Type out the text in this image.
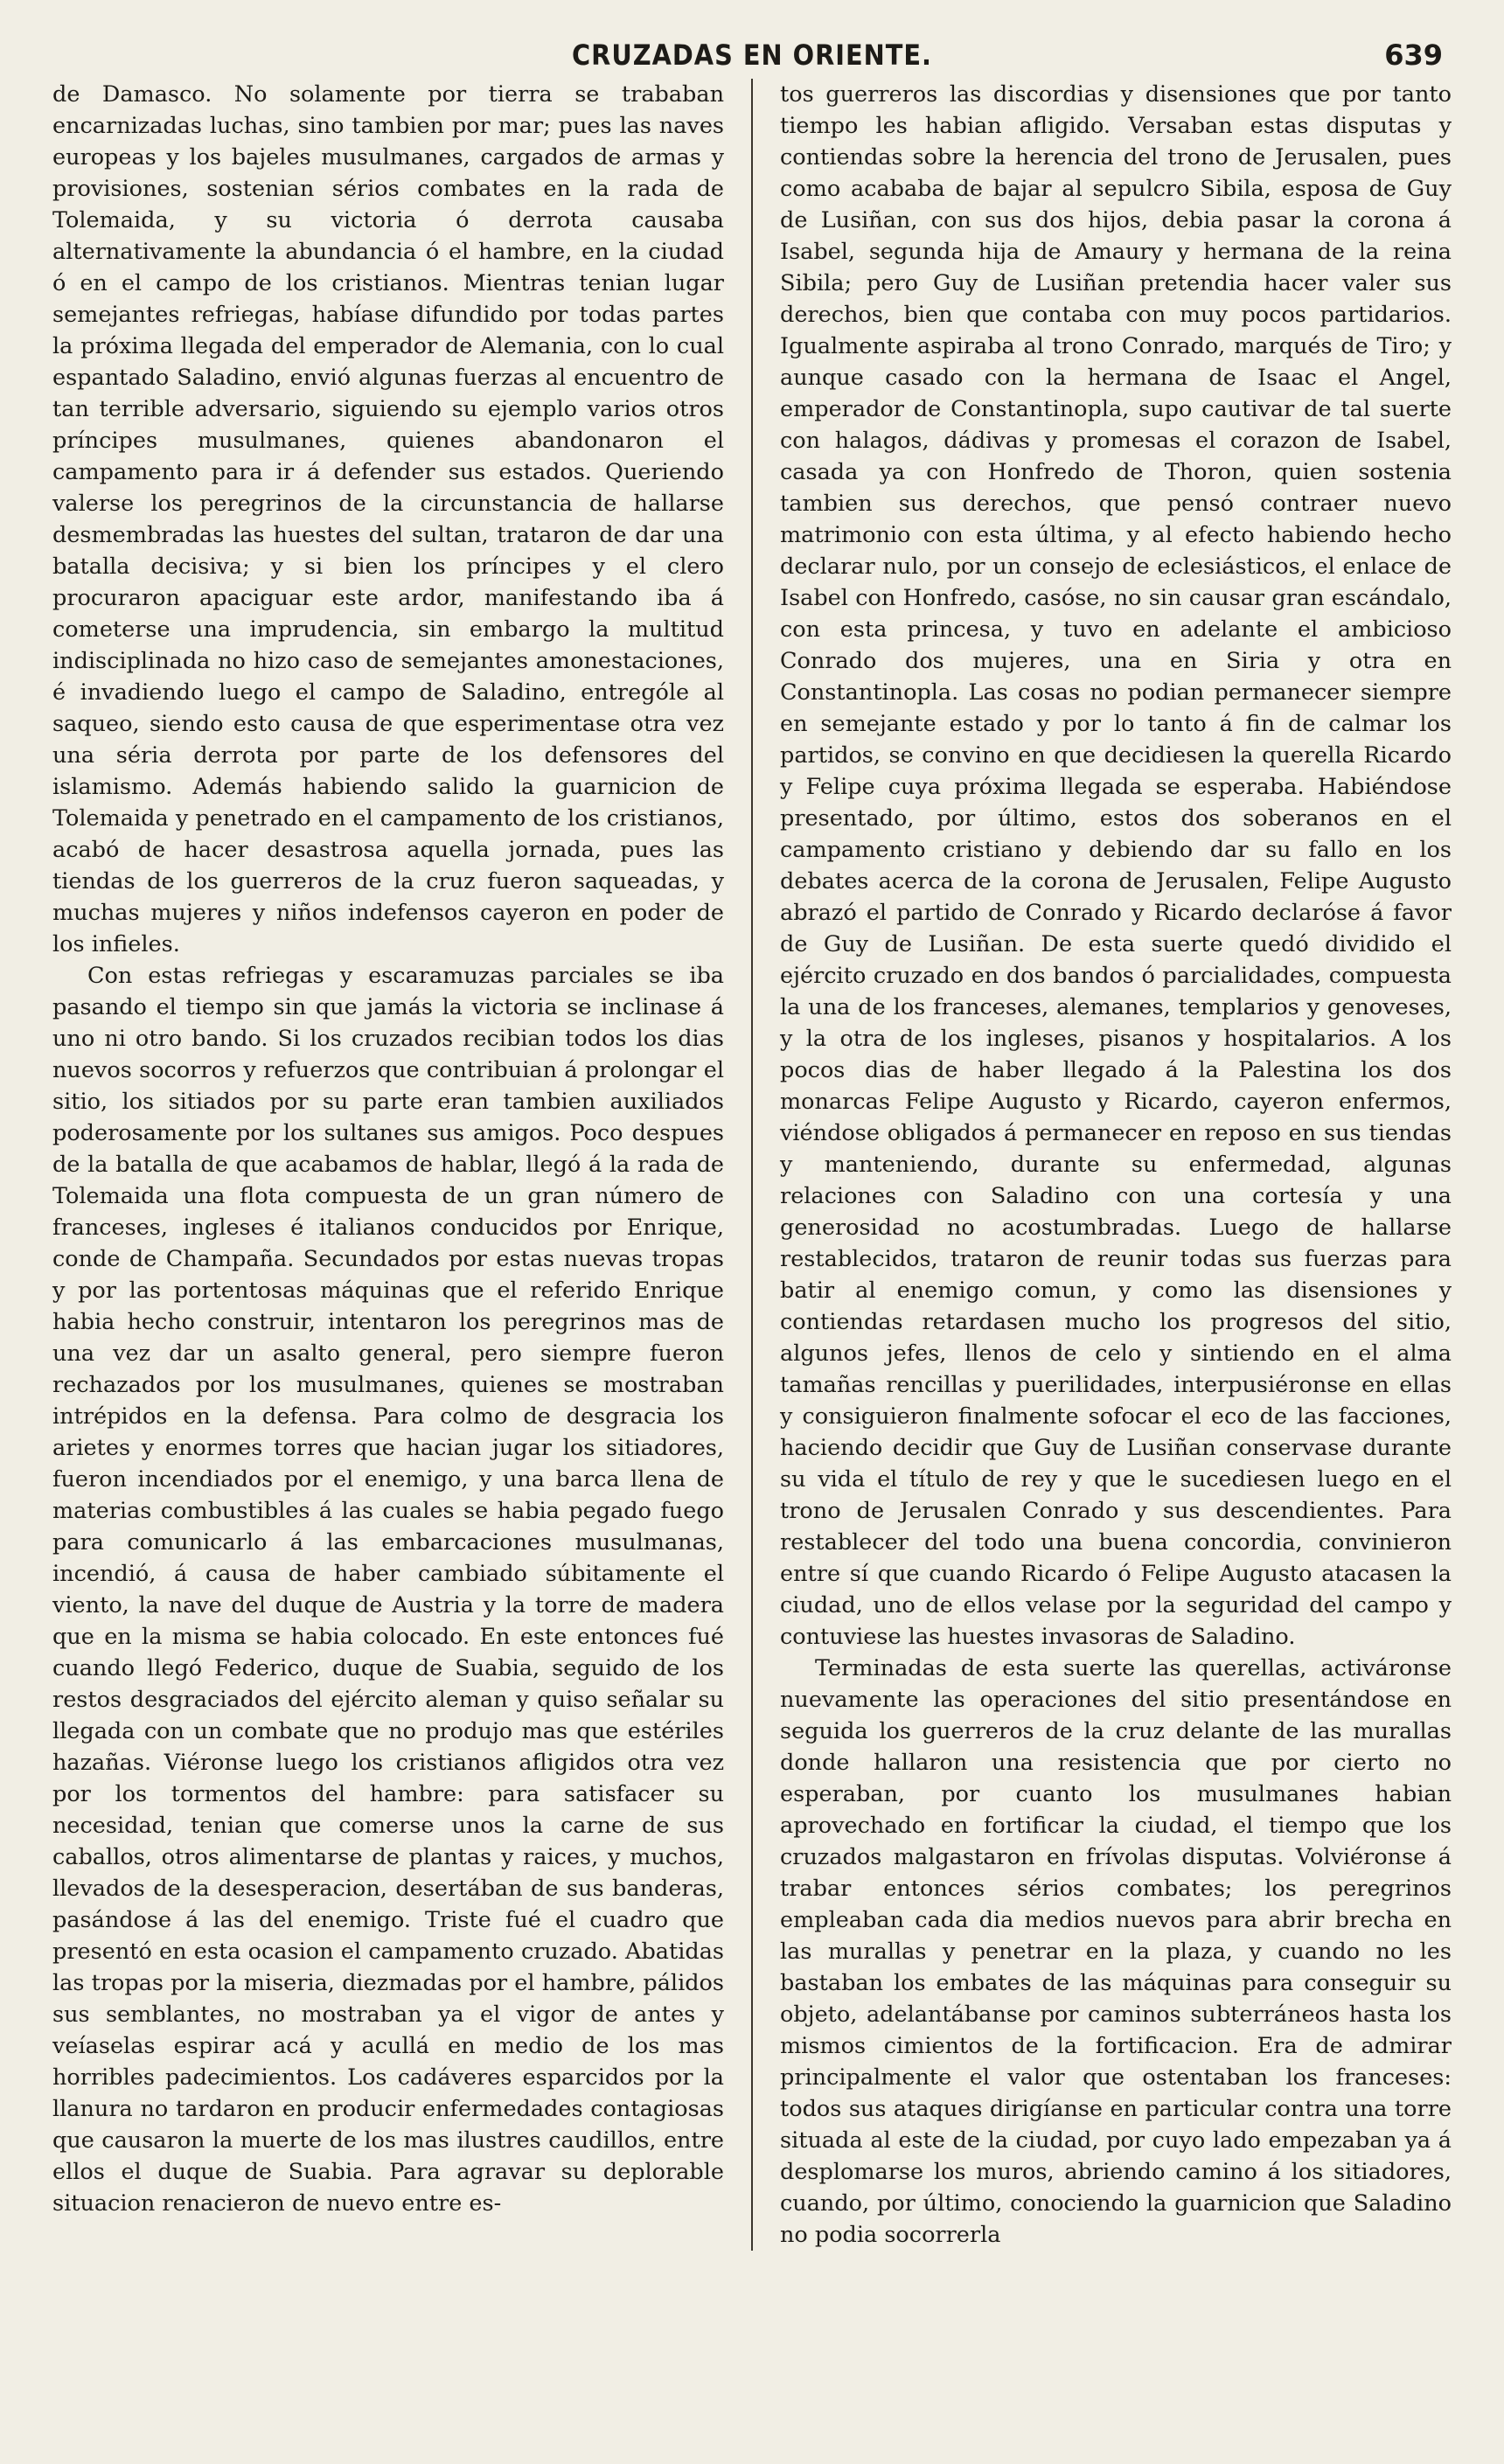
CRUZADAS EN ORIENTE.	639

de Damasco. No solamente por tierra se trababan encarnizadas luchas, sino tambien por mar; pues las naves europeas y los bajeles musulmanes, cargados de armas y provisiones, sostenian sérios combates en la rada de Tolemaida, y su victoria ó derrota causaba alternativamente la abundancia ó el hambre, en la ciudad ó en el campo de los cristianos. Mientras tenian lugar semejantes refriegas, habíase difundido por todas partes la próxima llegada del emperador de Alemania, con lo cual espantado Saladino, envió algunas fuerzas al encuentro de tan terrible adversario, siguiendo su ejemplo varios otros príncipes musulmanes, quienes abandonaron el campamento para ir á defender sus estados. Queriendo valerse los peregrinos de la circunstancia de hallarse desmembradas las huestes del sultan, trataron de dar una batalla decisiva; y si bien los príncipes y el clero procuraron apaciguar este ardor, manifestando iba á cometerse una imprudencia, sin embargo la multitud indisciplinada no hizo caso de semejantes amonestaciones, é invadiendo luego el campo de Saladino, entrególe al saqueo, siendo esto causa de que esperimentase otra vez una séria derrota por parte de los defensores del islamismo. Además habiendo salido la guarnicion de Tolemaida y penetrado en el campamento de los cristianos, acabó de hacer desastrosa aquella jornada, pues las tiendas de los guerreros de la cruz fueron saqueadas, y muchas mujeres y niños indefensos cayeron en poder de los infieles.

Con estas refriegas y escaramuzas parciales se iba pasando el tiempo sin que jamás la victoria se inclinase á uno ni otro bando. Si los cruzados recibian todos los dias nuevos socorros y refuerzos que contribuian á prolongar el sitio, los sitiados por su parte eran tambien auxiliados poderosamente por los sultanes sus amigos. Poco despues de la batalla de que acabamos de hablar, llegó á la rada de Tolemaida una flota compuesta de un gran número de franceses, ingleses é italianos conducidos por Enrique, conde de Champaña. Secundados por estas nuevas tropas y por las portentosas máquinas que el referido Enrique habia hecho construir, intentaron los peregrinos mas de una vez dar un asalto general, pero siempre fueron rechazados por los musulmanes, quienes se mostraban intrépidos en la defensa. Para colmo de desgracia los arietes y enormes torres que hacian jugar los sitiadores, fueron incendiados por el enemigo, y una barca llena de materias combustibles á las cuales se habia pegado fuego para comunicarlo á las embarcaciones musulmanas, incendió, á causa de haber cambiado súbitamente el viento, la nave del duque de Austria y la torre de madera que en la misma se habia colocado. En este entonces fué cuando llegó Federico, duque de Suabia, seguido de los restos desgraciados del ejército aleman y quiso señalar su llegada con un combate que no produjo mas que estériles hazañas. Viéronse luego los cristianos afligidos otra vez por los tormentos del hambre: para satisfacer su necesidad, tenian que comerse unos la carne de sus caballos, otros alimentarse de plantas y raices, y muchos, llevados de la desesperacion, desertában de sus banderas, pasándose á las del enemigo. Triste fué el cuadro que presentó en esta ocasion el campamento cruzado. Abatidas las tropas por la miseria, diezmadas por el hambre, pálidos sus semblantes, no mostraban ya el vigor de antes y veíaselas espirar acá y acullá en medio de los mas horribles padecimientos. Los cadáveres esparcidos por la llanura no tardaron en producir enfermedades contagiosas que causaron la muerte de los mas ilustres caudillos, entre ellos el duque de Suabia. Para agravar su deplorable situacion renacieron de nuevo entre es-

tos guerreros las discordias y disensiones que por tanto tiempo les habian afligido. Versaban estas disputas y contiendas sobre la herencia del trono de Jerusalen, pues como acababa de bajar al sepulcro Sibila, esposa de Guy de Lusiñan, con sus dos hijos, debia pasar la corona á Isabel, segunda hija de Amaury y hermana de la reina Sibila; pero Guy de Lusiñan pretendia hacer valer sus derechos, bien que contaba con muy pocos partidarios. Igualmente aspiraba al trono Conrado, marqués de Tiro; y aunque casado con la hermana de Isaac el Angel, emperador de Constantinopla, supo cautivar de tal suerte con halagos, dádivas y promesas el corazon de Isabel, casada ya con Honfredo de Thoron, quien sostenia tambien sus derechos, que pensó contraer nuevo matrimonio con esta última, y al efecto habiendo hecho declarar nulo, por un consejo de eclesiásticos, el enlace de Isabel con Honfredo, casóse, no sin causar gran escándalo, con esta princesa, y tuvo en adelante el ambicioso Conrado dos mujeres, una en Siria y otra en Constantinopla. Las cosas no podian permanecer siempre en semejante estado y por lo tanto á fin de calmar los partidos, se convino en que decidiesen la querella Ricardo y Felipe cuya próxima llegada se esperaba. Habiéndose presentado, por último, estos dos soberanos en el campamento cristiano y debiendo dar su fallo en los debates acerca de la corona de Jerusalen, Felipe Augusto abrazó el partido de Conrado y Ricardo declaróse á favor de Guy de Lusiñan. De esta suerte quedó dividido el ejército cruzado en dos bandos ó parcialidades, compuesta la una de los franceses, alemanes, templarios y genoveses, y la otra de los ingleses, pisanos y hospitalarios. A los pocos dias de haber llegado á la Palestina los dos monarcas Felipe Augusto y Ricardo, cayeron enfermos, viéndose obligados á permanecer en reposo en sus tiendas y manteniendo, durante su enfermedad, algunas relaciones con Saladino con una cortesía y una generosidad no acostumbradas. Luego de hallarse restablecidos, trataron de reunir todas sus fuerzas para batir al enemigo comun, y como las disensiones y contiendas retardasen mucho los progresos del sitio, algunos jefes, llenos de celo y sintiendo en el alma tamañas rencillas y puerilidades, interpusiéronse en ellas y consiguieron finalmente sofocar el eco de las facciones, haciendo decidir que Guy de Lusiñan conservase durante su vida el título de rey y que le sucediesen luego en el trono de Jerusalen Conrado y sus descendientes. Para restablecer del todo una buena concordia, convinieron entre sí que cuando Ricardo ó Felipe Augusto atacasen la ciudad, uno de ellos velase por la seguridad del campo y contuviese las huestes invasoras de Saladino.

Terminadas de esta suerte las querellas, activáronse nuevamente las operaciones del sitio presentándose en seguida los guerreros de la cruz delante de las murallas donde hallaron una resistencia que por cierto no esperaban, por cuanto los musulmanes habian aprovechado en fortificar la ciudad, el tiempo que los cruzados malgastaron en frívolas disputas. Volviéronse á trabar entonces sérios combates; los peregrinos empleaban cada dia medios nuevos para abrir brecha en las murallas y penetrar en la plaza, y cuando no les bastaban los embates de las máquinas para conseguir su objeto, adelantábanse por caminos subterráneos hasta los mismos cimientos de la fortificacion. Era de admirar principalmente el valor que ostentaban los franceses: todos sus ataques dirigíanse en particular contra una torre situada al este de la ciudad, por cuyo lado empezaban ya á desplomarse los muros, abriendo camino á los sitiadores, cuando, por último, conociendo la guarnicion que Saladino no podia socorrerla
